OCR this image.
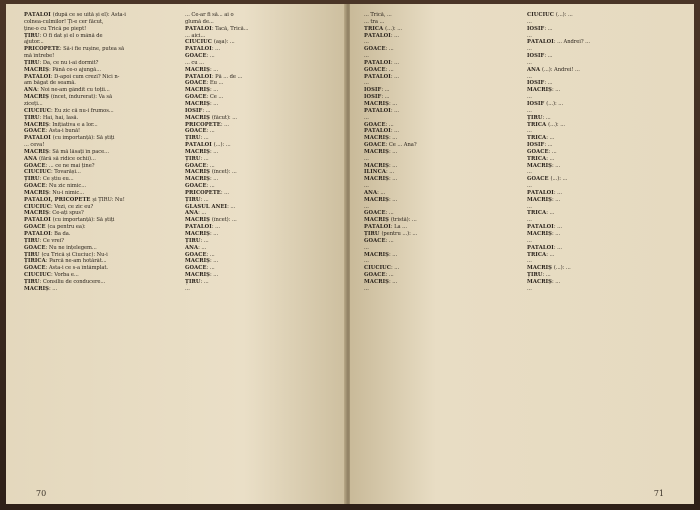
PĂTĂLOI (după ce se uită și el): Asta-i
colnea-culmilor! Ți-e cer făcut,
ține-o cu Trică pe piept!
ȚIRU: O fi dat și el o mână de
ajutor...
PRICOPETE: Să-i fie rușine, putea să
mă întrebe!
ȚIRU: Da, ce nu i-ai dormit?
MACRIȘ: Până ce-o ajungă...
PĂTĂLOI: D-apoi cum crezi? Nici n-
am băgat de seamă.
ANA: Noi ne-am gândit cu toții...
MACRIȘ (încet, îndurerat): Va să
ziceți...
CIUCIUC: Eu zic că nu-i frumos...
ȚIRU: Hai, hai, lasă.
MACRIȘ: Inițiativa e a lor...
GOACE: Asta-i bună!
PĂTĂLOI (cu importanță): Să știți
... ceva!
MACRIȘ: Să mă lăsați în pace...
ANA (fără să ridice ochii)...
GOACE: ... ce ne mai ține?
CIUCIUC: Tovarăși...
ȚIRU: Ce știu eu...
GOACE: Nu zic nimic...
MACRIȘ: Nu-i nimic...
PĂTĂLOI, PRICOPETE și ȚIRU: Nu!
CIUCIUC: Vezi, ce zic eu?
MACRIȘ: Ce-ați spus?
PĂTĂLOI (cu importanță): Să știți
GOACE (ca pentru ea):
PĂTĂLOI: Ba da.
ȚIRU: Ce vrei?
GOACE: Nu ne înțelegem...
ȚIRU (cu Trică și Ciuciuc): Nu-i
ȚIRICĂ: Parcă ne-am hotărât...
GOACE: Asta-i ce s-a întâmplat.
CIUCIUC: Vorba e...
ȚIRU: Consiliu de conducere...
MACRIȘ: ...
... Ce-ar fi să... ai o
glumă de...
PĂTĂLOI: Tacă, Trică...
... aici...
CIUCIUC (aşa): ...
PĂTĂLOI: ...
GOACE: ...
... cu ...
MACRIȘ: ...
PĂTĂLOI: Pă ... de ...
GOACE: Eu ...
MACRIȘ: ...
GOACE: Ce ...
MACRIȘ: ...
IOSIF: ...
MACRIȘ (făcut): ...
PRICOPETE: ...
GOACE: ...
ȚIRU: ...
PĂTĂLOI (...): ...
MACRIȘ: ...
ȚIRU: ...
GOACE: ...
MACRIȘ (încet): ...
MACRIȘ: ...
GOACE: ...
PRICOPETE: ...
ȚIRU: ...
GLASUL ANEI: ...
ANA: ...
MACRIȘ (încet): ...
PĂTĂLOI: ...
MACRIȘ: ...
ȚIRU: ...
ANA: ...
GOACE: ...
MACRIȘ: ...
GOACE: ...
MACRIȘ: ...
ȚIRU: ...
...
70
... Trică, ...
... tra ...
TRICĂ (...): ...
PĂTĂLOI: ...
...
GOACE: ...
...
PĂTĂLOI: ...
GOACE: ...
PĂTĂLOI: ...
...
IOSIF: ...
IOSIF: ...
MACRIȘ: ...
PĂTĂLOI: ...
...
GOACE: ...
PĂTĂLOI: ...
MACRIȘ: ...
GOACE: Ce ... Ana?
MACRIȘ: ...
...
MACRIȘ: ...
ILINCA: ...
MACRIȘ: ...
...
ANA: ...
MACRIȘ: ...
...
GOACE: ...
MACRIȘ (tristă): ...
PĂTĂLOI: La ...
ȚIRU (pentru ...): ...
GOACE: ...
...
MACRIȘ: ...
...
CIUCIUC: ...
GOACE: ...
MACRIȘ: ...
...
CIUCIUC (...): ...
...
IOSIF: ...
...
PĂTĂLOI: ... Andrei? ...
...
IOSIF: ...
...
ANA (...): Andrei! ...
...
IOSIF: ...
MACRIȘ: ...
...
IOSIF (...): ...
...
ȚIRU: ...
TRICĂ (...): ...
...
TRICĂ: ...
IOSIF: ...
GOACE: ...
TRICĂ: ...
MACRIȘ: ...
...
GOACE (...): ...
...
PĂTĂLOI: ...
MACRIȘ: ...
...
TRICĂ: ...
...
PĂTĂLOI: ...
MACRIȘ: ...
...
PĂTĂLOI: ...
TRICĂ: ...
...
MACRIȘ (...): ...
ȚIRU: ...
MACRIȘ: ...
...
71
